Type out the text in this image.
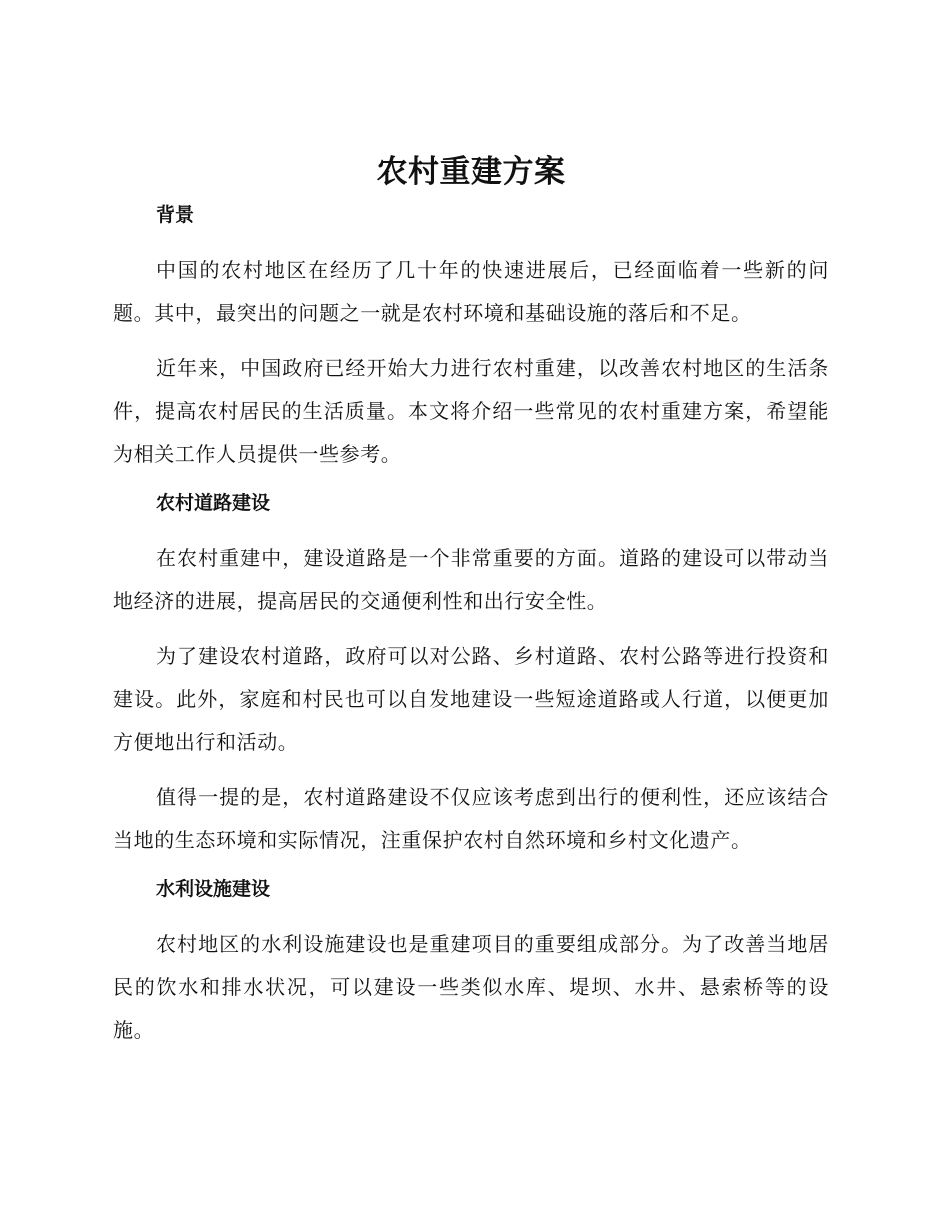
农村重建方案
背景

中国的农村地区在经历了几十年的快速进展后，已经面临着一些新的问题。其中，最突出的问题之一就是农村环境和基础设施的落后和不足。

近年来，中国政府已经开始大力进行农村重建，以改善农村地区的生活条件，提高农村居民的生活质量。本文将介绍一些常见的农村重建方案，希望能为相关工作人员提供一些参考。

农村道路建设

在农村重建中，建设道路是一个非常重要的方面。道路的建设可以带动当地经济的进展，提高居民的交通便利性和出行安全性。

为了建设农村道路，政府可以对公路、乡村道路、农村公路等进行投资和建设。此外，家庭和村民也可以自发地建设一些短途道路或人行道，以便更加方便地出行和活动。

值得一提的是，农村道路建设不仅应该考虑到出行的便利性，还应该结合当地的生态环境和实际情况，注重保护农村自然环境和乡村文化遗产。

水利设施建设

农村地区的水利设施建设也是重建项目的重要组成部分。为了改善当地居民的饮水和排水状况，可以建设一些类似水库、堤坝、水井、悬索桥等的设施。
